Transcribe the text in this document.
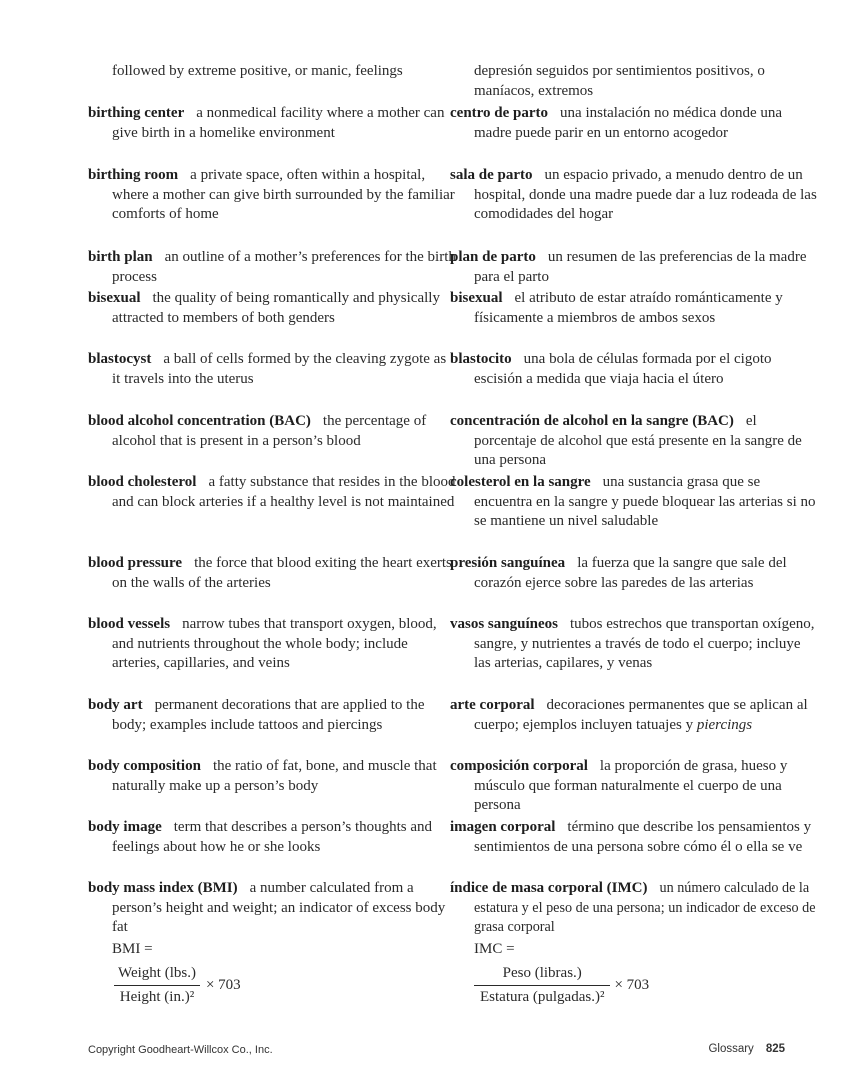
followed by extreme positive, or manic, feelings
birthing center a nonmedical facility where a mother can give birth in a homelike environment
birthing room a private space, often within a hospital, where a mother can give birth surrounded by the familiar comforts of home
birth plan an outline of a mother’s preferences for the birth process
bisexual the quality of being romantically and physically attracted to members of both genders
blastocyst a ball of cells formed by the cleaving zygote as it travels into the uterus
blood alcohol concentration (BAC) the percentage of alcohol that is present in a person’s blood
blood cholesterol a fatty substance that resides in the blood and can block arteries if a healthy level is not maintained
blood pressure the force that blood exiting the heart exerts on the walls of the arteries
blood vessels narrow tubes that transport oxygen, blood, and nutrients throughout the whole body; include arteries, capillaries, and veins
body art permanent decorations that are applied to the body; examples include tattoos and piercings
body composition the ratio of fat, bone, and muscle that naturally make up a person’s body
body image term that describes a person’s thoughts and feelings about how he or she looks
body mass index (BMI) a number calculated from a person’s height and weight; an indicator of excess body fat
BMI =
$\frac{\text{Weight (lbs.)}}{\text{Height (in.)²}} \times 703$
depresión seguidos por sentimientos positivos, o maníacos, extremos
centro de parto una instalación no médica donde una madre puede parir en un entorno acogedor
sala de parto un espacio privado, a menudo dentro de un hospital, donde una madre puede dar a luz rodeada de las comodidades del hogar
plan de parto un resumen de las preferencias de la madre para el parto
bisexual el atributo de estar atraído románticamente y físicamente a miembros de ambos sexos
blastocito una bola de células formada por el cigoto escisión a medida que viaja hacia el útero
concentración de alcohol en la sangre (BAC) el porcentaje de alcohol que está presente en la sangre de una persona
colesterol en la sangre una sustancia grasa que se encuentra en la sangre y puede bloquear las arterias si no se mantiene un nivel saludable
presión sanguínea la fuerza que la sangre que sale del corazón ejerce sobre las paredes de las arterias
vasos sanguíneos tubos estrechos que transportan oxígeno, sangre, y nutrientes a través de todo el cuerpo; incluye las arterias, capilares, y venas
arte corporal decoraciones permanentes que se aplican al cuerpo; ejemplos incluyen tatuajes y piercings
composición corporal la proporción de grasa, hueso y músculo que forman naturalmente el cuerpo de una persona
imagen corporal término que describe los pensamientos y sentimientos de una persona sobre cómo él o ella se ve
índice de masa corporal (IMC) un número calculado de la estatura y el peso de una persona; un indicador de exceso de grasa corporal
IMC =
$\frac{\text{Peso (libras.)}}{\text{Estatura (pulgadas.)²}} \times 703$
Copyright Goodheart-Willcox Co., Inc.	Glossary 825
